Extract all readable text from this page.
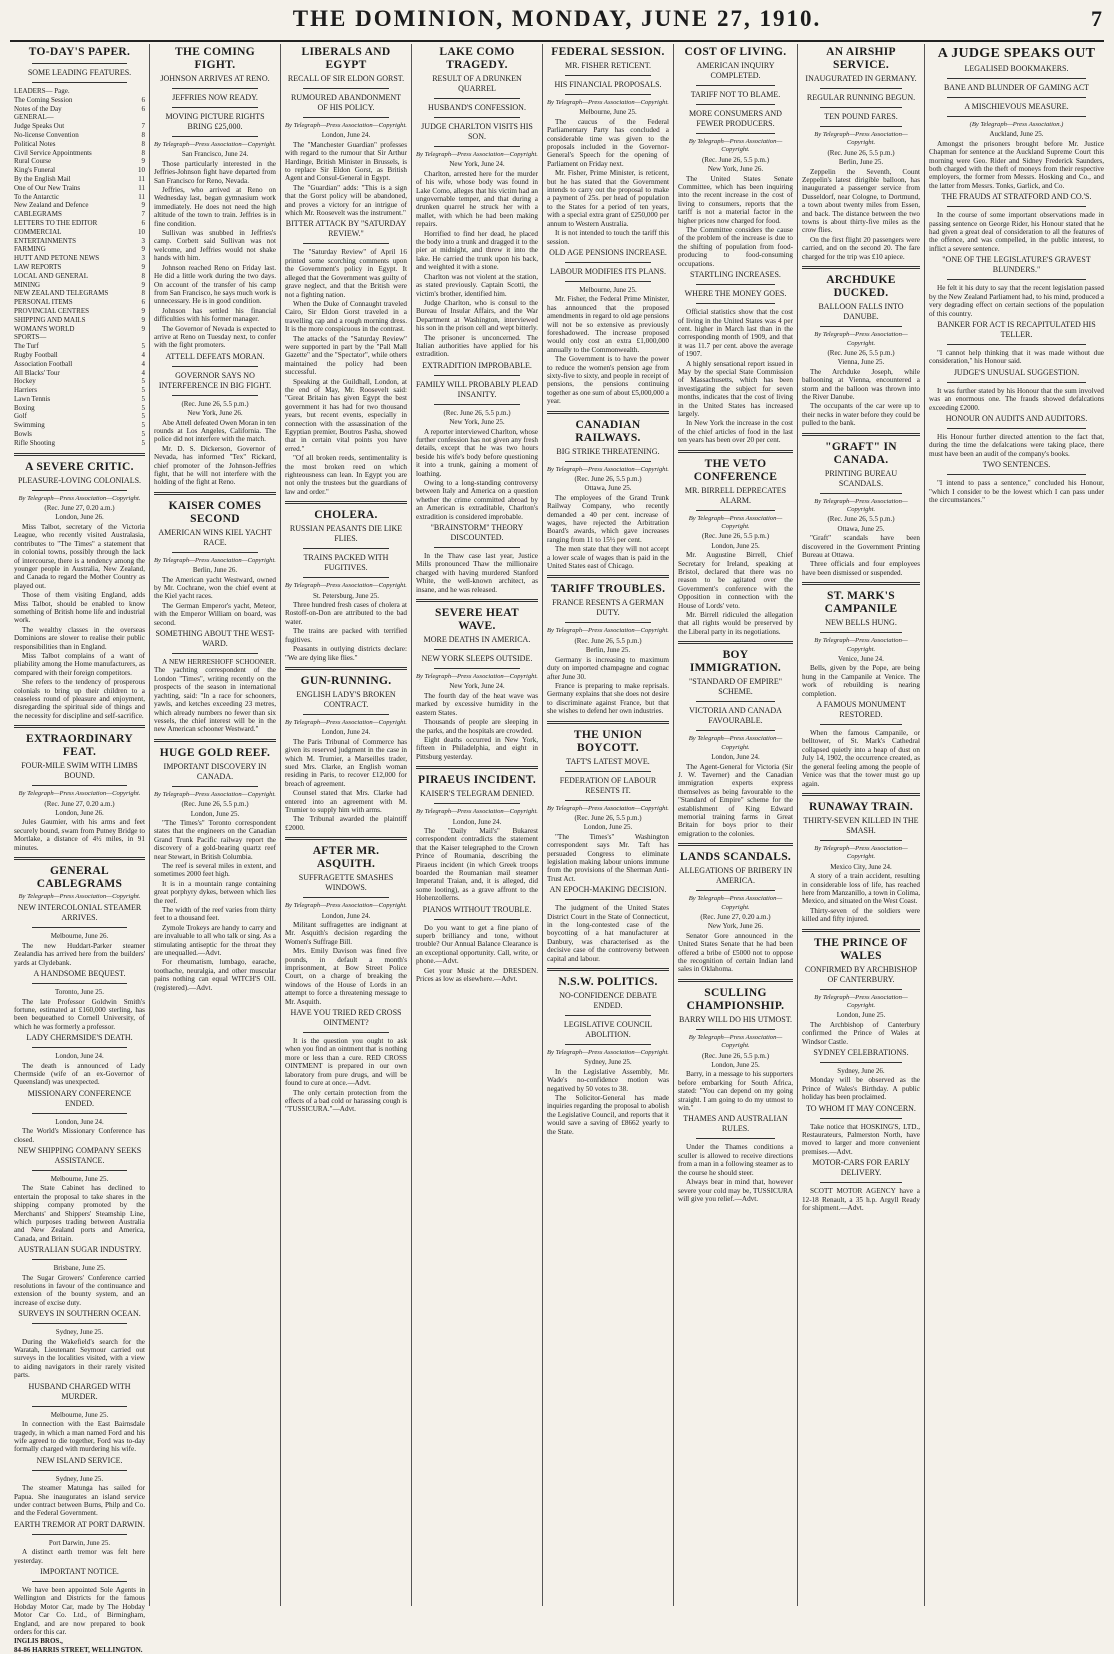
THE DOMINION, MONDAY, JUNE 27, 1910.	7
TO-DAY'S PAPER.
SOME LEADING FEATURES.
LEADERS— Page.
The Coming Session	6
Notes of the Day	6
GENERAL—
Judge Speaks Out	7
No-license Convention	8
Political Notes	8
Civil Service Appointments	8
Rural Course	9
King's Funeral	10
By the English Mail	11
One of Our New Trains	11
To the Antarctic	11
New Zealand and Defence	9
CABLEGRAMS	7
LETTERS TO THE EDITOR	6
COMMERCIAL	10
ENTERTAINMENTS	3
FARMING	9
HUTT AND PETONE NEWS	3
LAW REPORTS	9
LOCAL AND GENERAL	8
MINING	9
NEW ZEALAND TELEGRAMS	8
PERSONAL ITEMS	6
PROVINCIAL CENTRES	9
SHIPPING AND MAILS	9
WOMAN'S WORLD	9
SPORTS—
The Turf	5
Rugby Football	4
Association Football	4
All Blacks' Tour	4
Hockey	5
Harriers	5
Lawn Tennis	5
Boxing	5
Golf	5
Swimming	5
Bowls	5
Rifle Shooting	5
A SEVERE CRITIC.
PLEASURE-LOVING COLONIALS.
By Telegraph—Press Association—Copyright.
(Rec. June 27, 0.20 a.m.)
London, June 26.

Miss Talbot, secretary of the Victoria League, who recently visited Australasia, contributes to "The Times" a statement that in colonial towns, possibly through the lack of intercourse, there is a tendency among the younger people in Australia, New Zealand, and Canada to regard the Mother Country as played out.

Those of them visiting England, adds Miss Talbot, should be enabled to know something of British home life and industrial work.

The wealthy classes in the overseas Dominions are slower to realise their public responsibilities than in England.

Miss Talbot complains of a want of pliability among the Home manufacturers, as compared with their foreign competitors.

She refers to the tendency of prosperous colonials to bring up their children to a ceaseless round of pleasure and enjoyment, disregarding the spiritual side of things and the necessity for discipline and self-sacrifice.

EXTRAORDINARY FEAT.
FOUR-MILE SWIM WITH LIMBS BOUND.
By Telegraph—Press Association—Copyright.
(Rec. June 27, 0.20 a.m.)
London, June 26.

Jules Gaumier, with his arms and feet securely bound, swam from Putney Bridge to Mortlake, a distance of 4½ miles, in 91 minutes.

GENERAL CABLEGRAMS
By Telegraph—Press Association—Copyright.
NEW INTERCOLONIAL STEAMER ARRIVES.
Melbourne, June 26.

The new Huddart-Parker steamer Zealandia has arrived here from the builders' yards at Clydebank.

A HANDSOME BEQUEST.
Toronto, June 25.

The late Professor Goldwin Smith's fortune, estimated at £160,000 sterling, has been bequeathed to Cornell University, of which he was formerly a professor.

LADY CHERMSIDE'S DEATH.
London, June 24.

The death is announced of Lady Chermside (wife of an ex-Governor of Queensland) was unexpected.

MISSIONARY CONFERENCE ENDED.
London, June 24.

The World's Missionary Conference has closed.

NEW SHIPPING COMPANY SEEKS ASSISTANCE.
Melbourne, June 25.

The State Cabinet has declined to entertain the proposal to take shares in the shipping company promoted by the Merchants' and Shippers' Steamship Line, which purposes trading between Australia and New Zealand ports and America, Canada, and Britain.

AUSTRALIAN SUGAR INDUSTRY.
Brisbane, June 25.

The Sugar Growers' Conference carried resolutions in favour of the continuance and extension of the bounty system, and an increase of excise duty.

SURVEYS IN SOUTHERN OCEAN.
Sydney, June 25.

During the Wakefield's search for the Waratah, Lieutenant Seymour carried out surveys in the localities visited, with a view to aiding navigators in their rarely visited parts.

HUSBAND CHARGED WITH MURDER.
Melbourne, June 25.

In connection with the East Bairnsdale tragedy, in which a man named Ford and his wife agreed to die together, Ford was to-day formally charged with murdering his wife.

NEW ISLAND SERVICE.
Sydney, June 25.

The steamer Matunga has sailed for Papua. She inaugurates an island service under contract between Burns, Philp and Co. and the Federal Government.

EARTH TREMOR AT PORT DARWIN.
Port Darwin, June 25.

A distinct earth tremor was felt here yesterday.

IMPORTANT NOTICE.

We have been appointed Sole Agents in Wellington and Districts for the famous Hobday Motor Car, made by The Hobday Motor Car Co. Ltd., of Birmingham, England, and are now prepared to book orders for this car.

INGLIS BROS.,
84-86 HARRIS STREET, WELLINGTON.
THE COMING FIGHT.
JOHNSON ARRIVES AT RENO.
JEFFRIES NOW READY.
MOVING PICTURE RIGHTS BRING £25,000.
By Telegraph—Press Association—Copyright.
San Francisco, June 24.

Those particularly interested in the Jeffries-Johnson fight have departed from San Francisco for Reno, Nevada.

Jeffries, who arrived at Reno on Wednesday last, began gymnasium work immediately. He does not need the high altitude of the town to train. Jeffries is in fine condition.

Sullivan was snubbed in Jeffries's camp. Corbett said Sullivan was not welcome, and Jeffries would not shake hands with him.

Johnson reached Reno on Friday last. He did a little work during the two days. On account of the transfer of his camp from San Francisco, he says much work is unnecessary. He is in good condition.

Johnson has settled his financial difficulties with his former manager.

The Governor of Nevada is expected to arrive at Reno on Tuesday next, to confer with the fight promoters.

ATTELL DEFEATS MORAN.
GOVERNOR SAYS NO INTERFERENCE IN BIG FIGHT.
(Rec. June 26, 5.5 p.m.)
New York, June 26.

Abe Attell defeated Owen Moran in ten rounds at Los Angeles, California. The police did not interfere with the match.

Mr. D. S. Dickerson, Governor of Nevada, has informed "Tex" Rickard, chief promoter of the Johnson-Jeffries fight, that he will not interfere with the holding of the fight at Reno.

KAISER COMES SECOND
AMERICAN WINS KIEL YACHT RACE.
By Telegraph—Press Association—Copyright.
Berlin, June 26.

The American yacht Westward, owned by Mr. Cochrane, won the chief event at the Kiel yacht races.

The German Emperor's yacht, Meteor, with the Emperor William on board, was second.

SOMETHING ABOUT THE WEST-WARD.

A NEW HERRESHOFF SCHOONER. The yachting correspondent of the London "Times", writing recently on the prospects of the season in international yachting, said: "In a race for schooners, yawls, and ketches exceeding 23 metres, which already numbers no fewer than six vessels, the chief interest will be in the new American schooner Westward."

HUGE GOLD REEF.
IMPORTANT DISCOVERY IN CANADA.
By Telegraph—Press Association—Copyright.
(Rec. June 26, 5.5 p.m.)
London, June 25.

"The Times's" Toronto correspondent states that the engineers on the Canadian Grand Trunk Pacific railway report the discovery of a gold-bearing quartz reef near Stewart, in British Columbia.

The reef is several miles in extent, and sometimes 2000 feet high.

It is in a mountain range containing great porphyry dykes, between which lies the reef.

The width of the reef varies from thirty feet to a thousand feet.

Zymole Trokeys are handy to carry and are invaluable to all who talk or sing. As a stimulating antiseptic for the throat they are unequalled.—Advt.

For rheumatism, lumbago, earache, toothache, neuralgia, and other muscular pains nothing can equal WITCH'S OIL (registered).—Advt.

LIBERALS AND EGYPT
RECALL OF SIR ELDON GORST.
RUMOURED ABANDONMENT OF HIS POLICY.
By Telegraph—Press Association—Copyright.
London, June 24.

The "Manchester Guardian" professes with regard to the rumour that Sir Arthur Hardinge, British Minister in Brussels, is to replace Sir Eldon Gorst, as British Agent and Consul-General in Egypt.

The "Guardian" adds: "This is a sign that the Gorst policy will be abandoned, and proves a victory for an intrigue of which Mr. Roosevelt was the instrument."

BITTER ATTACK BY "SATURDAY REVIEW."

The "Saturday Review" of April 16 printed some scorching comments upon the Government's policy in Egypt. It alleged that the Government was guilty of grave neglect, and that the British were not a fighting nation.

When the Duke of Connaught traveled Cairo, Sir Eldon Gorst traveled in a travelling cap and a rough morning dress. It is the more conspicuous in the contrast.

The attacks of the "Saturday Review" were supported in part by the "Pall Mall Gazette" and the "Spectator", while others maintained the policy had been successful.

Speaking at the Guildhall, London, at the end of May, Mr. Roosevelt said: "Great Britain has given Egypt the best government it has had for two thousand years, but recent events, especially in connection with the assassination of the Egyptian premier, Boutros Pasha, showed that in certain vital points you have erred."

"Of all broken reeds, sentimentality is the most broken reed on which righteousness can lean. In Egypt you are not only the trustees but the guardians of law and order."

CHOLERA.
RUSSIAN PEASANTS DIE LIKE FLIES.
TRAINS PACKED WITH FUGITIVES.
By Telegraph—Press Association—Copyright.
St. Petersburg, June 25.

Three hundred fresh cases of cholera at Rostoff-on-Don are attributed to the bad water.

The trains are packed with terrified fugitives.

Peasants in outlying districts declare: "We are dying like flies."

GUN-RUNNING.
ENGLISH LADY'S BROKEN CONTRACT.
By Telegraph—Press Association—Copyright.
London, June 24.

The Paris Tribunal of Commerce has given its reserved judgment in the case in which M. Trumier, a Marseilles trader, sued Mrs. Clarke, an English woman residing in Paris, to recover £12,000 for breach of agreement.

Counsel stated that Mrs. Clarke had entered into an agreement with M. Trumier to supply him with arms.

The Tribunal awarded the plaintiff £2000.

AFTER MR. ASQUITH.
SUFFRAGETTE SMASHES WINDOWS.
By Telegraph—Press Association—Copyright.
London, June 24.

Militant suffragettes are indignant at Mr. Asquith's decision regarding the Women's Suffrage Bill.

Mrs. Emily Davison was fined five pounds, in default a month's imprisonment, at Bow Street Police Court, on a charge of breaking the windows of the House of Lords in an attempt to force a threatening message to Mr. Asquith.

HAVE YOU TRIED RED CROSS OINTMENT?

It is the question you ought to ask when you find an ointment that is nothing more or less than a cure. RED CROSS OINTMENT is prepared in our own laboratory from pure drugs, and will be found to cure at once.—Advt.

The only certain protection from the effects of a bad cold or harassing cough is "TUSSICURA."—Advt.

LAKE COMO TRAGEDY.
RESULT OF A DRUNKEN QUARREL
HUSBAND'S CONFESSION.
JUDGE CHARLTON VISITS HIS SON.
By Telegraph—Press Association—Copyright.
New York, June 24.

Charlton, arrested here for the murder of his wife, whose body was found in Lake Como, alleges that his victim had an ungovernable temper, and that during a drunken quarrel he struck her with a mallet, with which he had been making repairs.

Horrified to find her dead, he placed the body into a trunk and dragged it to the pier at midnight, and threw it into the lake. He carried the trunk upon his back, and weighted it with a stone.

Charlton was not violent at the station, as stated previously. Captain Scotti, the victim's brother, identified him.

Judge Charlton, who is consul to the Bureau of Insular Affairs, and the War Department at Washington, interviewed his son in the prison cell and wept bitterly.

The prisoner is unconcerned. The Italian authorities have applied for his extradition.

EXTRADITION IMPROBABLE.
FAMILY WILL PROBABLY PLEAD INSANITY.
(Rec. June 26, 5.5 p.m.)
New York, June 25.

A reporter interviewed Charlton, whose further confession has not given any fresh details, except that he was two hours beside his wife's body before questioning it into a trunk, gaining a moment of loathing.

Owing to a long-standing controversy between Italy and America on a question whether the crime committed abroad by an American is extraditable, Charlton's extradition is considered improbable.

"BRAINSTORM" THEORY DISCOUNTED.

In the Thaw case last year, Justice Mills pronounced Thaw the millionaire charged with having murdered Stanford White, the well-known architect, as insane, and he was released.

SEVERE HEAT WAVE.
MORE DEATHS IN AMERICA.
NEW YORK SLEEPS OUTSIDE.
By Telegraph—Press Association—Copyright.
New York, June 24.

The fourth day of the heat wave was marked by excessive humidity in the eastern States.

Thousands of people are sleeping in the parks, and the hospitals are crowded.

Eight deaths occurred in New York, fifteen in Philadelphia, and eight in Pittsburg yesterday.

PIRAEUS INCIDENT.
KAISER'S TELEGRAM DENIED.
By Telegraph—Press Association—Copyright.
London, June 24.

The "Daily Mail's" Bukarest correspondent contradicts the statement that the Kaiser telegraphed to the Crown Prince of Roumania, describing the Piraeus incident (in which Greek troops boarded the Roumanian mail steamer Imperatul Traian, and, it is alleged, did some looting), as a grave affront to the Hohenzollerns.

PIANOS WITHOUT TROUBLE.

Do you want to get a fine piano of superb brilliancy and tone, without trouble? Our Annual Balance Clearance is an exceptional opportunity. Call, write, or phone.—Advt.

Get your Music at the DRESDEN. Prices as low as elsewhere.—Advt.

FEDERAL SESSION.
MR. FISHER RETICENT.
HIS FINANCIAL PROPOSALS.
By Telegraph—Press Association—Copyright.
Melbourne, June 25.

The caucus of the Federal Parliamentary Party has concluded a considerable time was given to the proposals included in the Governor-General's Speech for the opening of Parliament on Friday next.

Mr. Fisher, Prime Minister, is reticent, but he has stated that the Government intends to carry out the proposal to make a payment of 25s. per head of population to the States for a period of ten years, with a special extra grant of £250,000 per annum to Western Australia.

It is not intended to touch the tariff this session.

OLD AGE PENSIONS INCREASE.
LABOUR MODIFIES ITS PLANS.
Melbourne, June 25.

Mr. Fisher, the Federal Prime Minister, has announced that the proposed amendments in regard to old age pensions will not be so extensive as previously foreshadowed. The increase proposed would only cost an extra £1,000,000 annually to the Commonwealth.

The Government is to have the power to reduce the women's pension age from sixty-five to sixty, and people in receipt of pensions, the pensions continuing together as one sum of about £5,000,000 a year.

CANADIAN RAILWAYS.
BIG STRIKE THREATENING.
By Telegraph—Press Association—Copyright.
(Rec. June 26, 5.5 p.m.)
Ottawa, June 25.

The employees of the Grand Trunk Railway Company, who recently demanded a 40 per cent. increase of wages, have rejected the Arbitration Board's awards, which gave increases ranging from 11 to 15½ per cent.

The men state that they will not accept a lower scale of wages than is paid in the United States east of Chicago.

TARIFF TROUBLES.
FRANCE RESENTS A GERMAN DUTY.
By Telegraph—Press Association—Copyright.
(Rec. June 26, 5.5 p.m.)
Berlin, June 25.

Germany is increasing to maximum duty on imported champagne and cognac after June 30.

France is preparing to make reprisals. Germany explains that she does not desire to discriminate against France, but that she wishes to defend her own industries.

THE UNION BOYCOTT.
TAFT'S LATEST MOVE.
FEDERATION OF LABOUR RESENTS IT.
By Telegraph—Press Association—Copyright.
(Rec. June 26, 5.5 p.m.)
London, June 25.

"The Times's" Washington correspondent says Mr. Taft has persuaded Congress to eliminate legislation making labour unions immune from the provisions of the Sherman Anti-Trust Act.

AN EPOCH-MAKING DECISION.

The judgment of the United States District Court in the State of Connecticut, in the long-contested case of the boycotting of a hat manufacturer at Danbury, was characterised as the decisive case of the controversy between capital and labour.

N.S.W. POLITICS.
NO-CONFIDENCE DEBATE ENDED.
LEGISLATIVE COUNCIL ABOLITION.
By Telegraph—Press Association—Copyright.
Sydney, June 25.

In the Legislative Assembly, Mr. Wade's no-confidence motion was negatived by 50 votes to 38.

The Solicitor-General has made inquiries regarding the proposal to abolish the Legislative Council, and reports that it would save a saving of £8662 yearly to the State.

COST OF LIVING.
AMERICAN INQUIRY COMPLETED.
TARIFF NOT TO BLAME.
MORE CONSUMERS AND FEWER PRODUCERS.
By Telegraph—Press Association—Copyright.
(Rec. June 26, 5.5 p.m.)
New York, June 26.

The United States Senate Committee, which has been inquiring into the recent increase in the cost of living to consumers, reports that the tariff is not a material factor in the higher prices now charged for food.

The Committee considers the cause of the problem of the increase is due to the shifting of population from food-producing to food-consuming occupations.

STARTLING INCREASES.
WHERE THE MONEY GOES.

Official statistics show that the cost of living in the United States was 4 per cent. higher in March last than in the corresponding month of 1909, and that it was 11.7 per cent. above the average of 1907.

A highly sensational report issued in May by the special State Commission of Massachusetts, which has been investigating the subject for seven months, indicates that the cost of living in the United States has increased largely.

In New York the increase in the cost of the chief articles of food in the last ten years has been over 20 per cent.

THE VETO CONFERENCE
MR. BIRRELL DEPRECATES ALARM.
By Telegraph—Press Association—Copyright.
(Rec. June 26, 5.5 p.m.)
London, June 25.

Mr. Augustine Birrell, Chief Secretary for Ireland, speaking at Bristol, declared that there was no reason to be agitated over the Government's conference with the Opposition in connection with the House of Lords' veto.

Mr. Birrell ridiculed the allegation that all rights would be preserved by the Liberal party in its negotiations.

BOY IMMIGRATION.
"STANDARD OF EMPIRE" SCHEME.
VICTORIA AND CANADA FAVOURABLE.
By Telegraph—Press Association—Copyright.
London, June 24.

The Agent-General for Victoria (Sir J. W. Taverner) and the Canadian immigration experts express themselves as being favourable to the "Standard of Empire" scheme for the establishment of King Edward memorial training farms in Great Britain for boys prior to their emigration to the colonies.

LANDS SCANDALS.
ALLEGATIONS OF BRIBERY IN AMERICA.
By Telegraph—Press Association—Copyright.
(Rec. June 27, 0.20 a.m.)
New York, June 26.

Senator Gore announced in the United States Senate that he had been offered a bribe of £5000 not to oppose the recognition of certain Indian land sales in Oklahoma.

SCULLING CHAMPIONSHIP.
BARRY WILL DO HIS UTMOST.
By Telegraph—Press Association—Copyright.
(Rec. June 26, 5.5 p.m.)
London, June 25.

Barry, in a message to his supporters before embarking for South Africa, stated: "You can depend on my going straight. I am going to do my utmost to win."

THAMES AND AUSTRALIAN RULES.

Under the Thames conditions a sculler is allowed to receive directions from a man in a following steamer as to the course he should steer.

Always bear in mind that, however severe your cold may be, TUSSICURA will give you relief.—Advt.

AN AIRSHIP SERVICE.
INAUGURATED IN GERMANY.
REGULAR RUNNING BEGUN.
TEN POUND FARES.
By Telegraph—Press Association—Copyright.
(Rec. June 26, 5.5 p.m.)
Berlin, June 25.

Zeppelin the Seventh, Count Zeppelin's latest dirigible balloon, has inaugurated a passenger service from Dusseldorf, near Cologne, to Dortmund, a town about twenty miles from Essen, and back. The distance between the two towns is about thirty-five miles as the crow flies.

On the first flight 20 passengers were carried, and on the second 20. The fare charged for the trip was £10 apiece.

ARCHDUKE DUCKED.
BALLOON FALLS INTO DANUBE.
By Telegraph—Press Association—Copyright.
(Rec. June 26, 5.5 p.m.)
Vienna, June 25.

The Archduke Joseph, while ballooning at Vienna, encountered a storm and the balloon was thrown into the River Danube.

The occupants of the car were up to their necks in water before they could be pulled to the bank.

"GRAFT" IN CANADA.
PRINTING BUREAU SCANDALS.
By Telegraph—Press Association—Copyright.
(Rec. June 26, 5.5 p.m.)
Ottawa, June 25.

"Graft" scandals have been discovered in the Government Printing Bureau at Ottawa.

Three officials and four employees have been dismissed or suspended.

ST. MARK'S CAMPANILE
NEW BELLS HUNG.
By Telegraph—Press Association—Copyright.
Venice, June 24.

Bells, given by the Pope, are being hung in the Campanile at Venice. The work of rebuilding is nearing completion.

A FAMOUS MONUMENT RESTORED.

When the famous Campanile, or belltower, of St. Mark's Cathedral collapsed quietly into a heap of dust on July 14, 1902, the occurrence created, as the general feeling among the people of Venice was that the tower must go up again.

RUNAWAY TRAIN.
THIRTY-SEVEN KILLED IN THE SMASH.
By Telegraph—Press Association—Copyright.
Mexico City, June 24.

A story of a train accident, resulting in considerable loss of life, has reached here from Manzanillo, a town in Colima, Mexico, and situated on the West Coast.

Thirty-seven of the soldiers were killed and fifty injured.

THE PRINCE OF WALES
CONFIRMED BY ARCHBISHOP OF CANTERBURY.
By Telegraph—Press Association—Copyright.
London, June 25.

The Archbishop of Canterbury confirmed the Prince of Wales at Windsor Castle.

SYDNEY CELEBRATIONS.
Sydney, June 26.

Monday will be observed as the Prince of Wales's Birthday. A public holiday has been proclaimed.

TO WHOM IT MAY CONCERN.

Take notice that HOSKING'S, LTD., Restaurateurs, Palmerston North, have moved to larger and more convenient premises.—Advt.

MOTOR-CARS FOR EARLY DELIVERY.

SCOTT MOTOR AGENCY have a 12-18 Renault, a 35 h.p. Argyll Ready for shipment.—Advt.

A JUDGE SPEAKS OUT
LEGALISED BOOKMAKERS.
BANE AND BLUNDER OF GAMING ACT
A MISCHIEVOUS MEASURE.
(By Telegraph—Press Association.)
Auckland, June 25.

Amongst the prisoners brought before Mr. Justice Chapman for sentence at the Auckland Supreme Court this morning were Geo. Rider and Sidney Frederick Saunders, both charged with the theft of moneys from their respective employers, the former from Messrs. Hosking and Co., and the latter from Messrs. Tonks, Garlick, and Co.

THE FRAUDS AT STRATFORD AND CO.'S.

In the course of some important observations made in passing sentence on George Rider, his Honour stated that he had given a great deal of consideration to all the features of the offence, and was compelled, in the public interest, to inflict a severe sentence.

"ONE OF THE LEGISLATURE'S GRAVEST BLUNDERS."

He felt it his duty to say that the recent legislation passed by the New Zealand Parliament had, to his mind, produced a very degrading effect on certain sections of the population of this country.

BANKER FOR ACT IS RECAPITULATED HIS TELLER.

"I cannot help thinking that it was made without due consideration," his Honour said.

JUDGE'S UNUSUAL SUGGESTION.

It was further stated by his Honour that the sum involved was an enormous one. The frauds showed defalcations exceeding £2000.

HONOUR ON AUDITS AND AUDITORS.

His Honour further directed attention to the fact that, during the time the defalcations were taking place, there must have been an audit of the company's books.

TWO SENTENCES.

"I intend to pass a sentence," concluded his Honour, "which I consider to be the lowest which I can pass under the circumstances."
